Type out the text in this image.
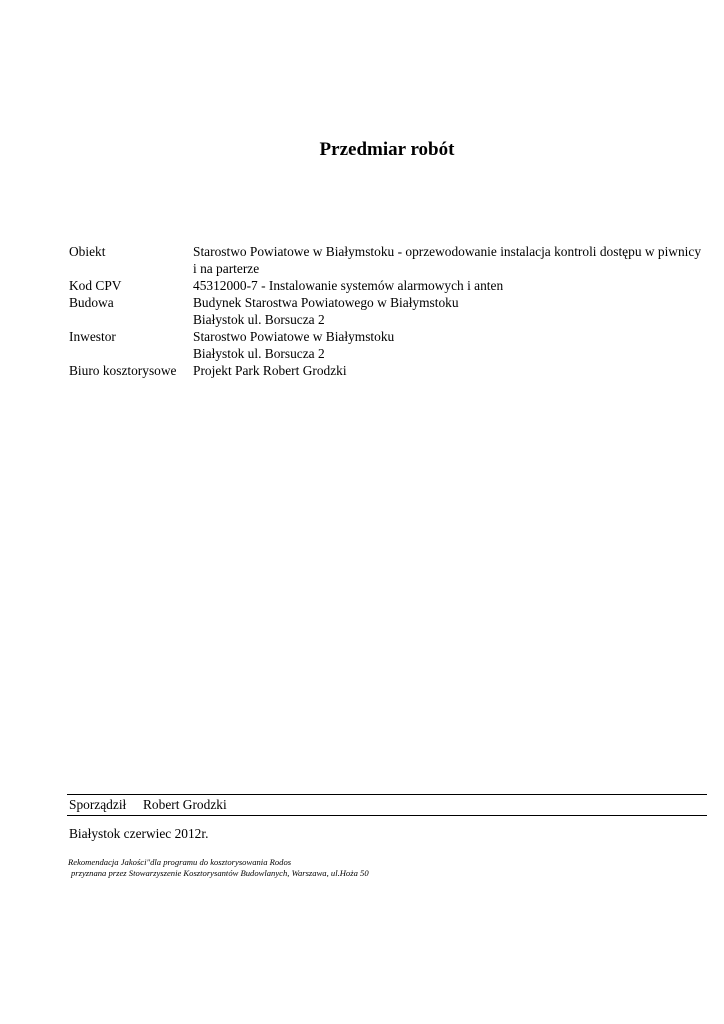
Przedmiar robót
Obiekt	Starostwo Powiatowe w Białymstoku - oprzewodowanie instalacja kontroli dostępu w piwnicy
i na parterze
Kod CPV	45312000-7 - Instalowanie systemów alarmowych i anten
Budowa	Budynek Starostwa Powiatowego w Białymstoku
Białystok ul. Borsucza 2
Inwestor	Starostwo Powiatowe w Białymstoku
Białystok ul. Borsucza 2
Biuro kosztorysowe	Projekt Park Robert Grodzki
Sporządził Robert Grodzki
Białystok czerwiec 2012r.
Rekomendacja Jakości"dla programu do kosztorysowania Rodos
przyznana przez Stowarzyszenie Kosztorysantów Budowlanych, Warszawa, ul.Hoża 50
